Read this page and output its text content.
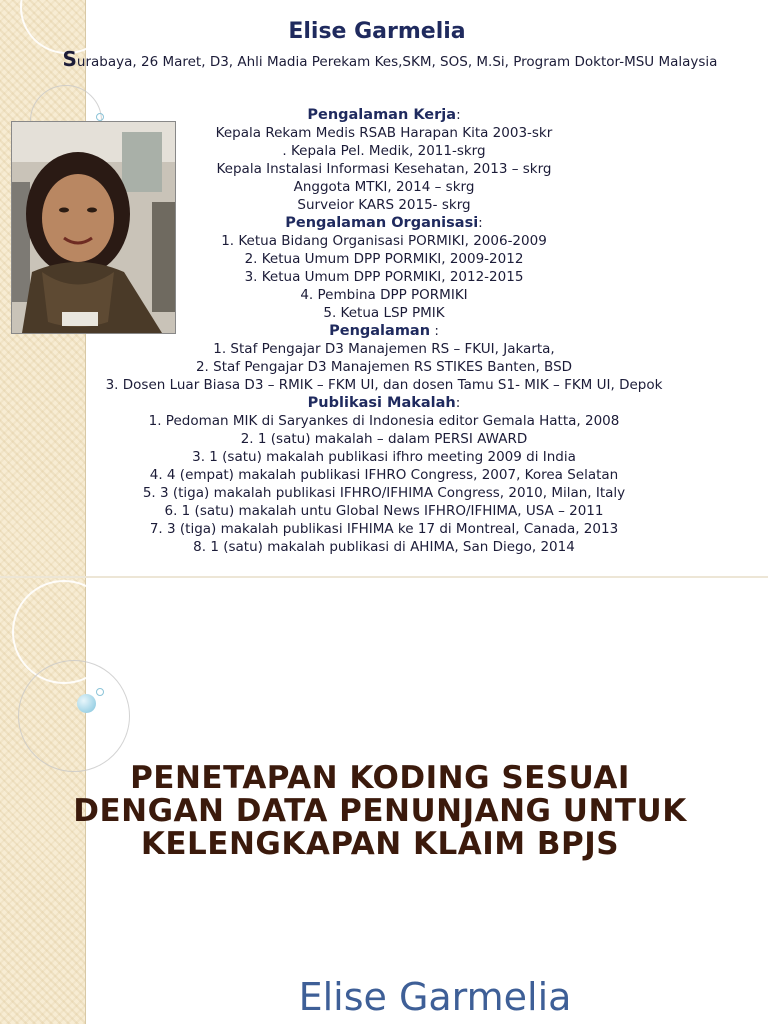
Elise Garmelia
Surabaya, 26 Maret, D3, Ahli Madia Perekam Kes,SKM, SOS, M.Si, Program Doktor-MSU Malaysia
Pengalaman Kerja:
Kepala Rekam Medis RSAB Harapan Kita 2003-skr
. Kepala Pel. Medik, 2011-skrg
Kepala Instalasi Informasi Kesehatan, 2013 – skrg
Anggota MTKI, 2014 – skrg
Surveior KARS 2015- skrg
Pengalaman Organisasi:
1. Ketua Bidang Organisasi PORMIKI, 2006-2009
2. Ketua Umum DPP PORMIKI, 2009-2012
3. Ketua Umum DPP PORMIKI, 2012-2015
4. Pembina DPP PORMIKI
5. Ketua LSP PMIK
Pengalaman :
1. Staf Pengajar D3 Manajemen RS – FKUI, Jakarta,
2. Staf Pengajar D3 Manajemen RS STIKES Banten, BSD
3. Dosen Luar Biasa D3 – RMIK – FKM UI, dan dosen Tamu S1- MIK – FKM UI, Depok
Publikasi Makalah:
1. Pedoman MIK di Saryankes di Indonesia editor Gemala Hatta, 2008
2. 1 (satu) makalah – dalam PERSI AWARD
3. 1 (satu) makalah publikasi ifhro meeting 2009 di India
4. 4 (empat) makalah publikasi IFHRO Congress, 2007, Korea Selatan
5. 3 (tiga) makalah publikasi IFHRO/IFHIMA Congress, 2010, Milan, Italy
6. 1 (satu) makalah untu Global News IFHRO/IFHIMA, USA – 2011
7. 3 (tiga) makalah publikasi IFHIMA ke 17 di Montreal, Canada, 2013
8. 1 (satu) makalah publikasi di AHIMA, San Diego, 2014
PENETAPAN KODING SESUAI
DENGAN DATA PENUNJANG UNTUK
KELENGKAPAN KLAIM BPJS
Elise Garmelia
